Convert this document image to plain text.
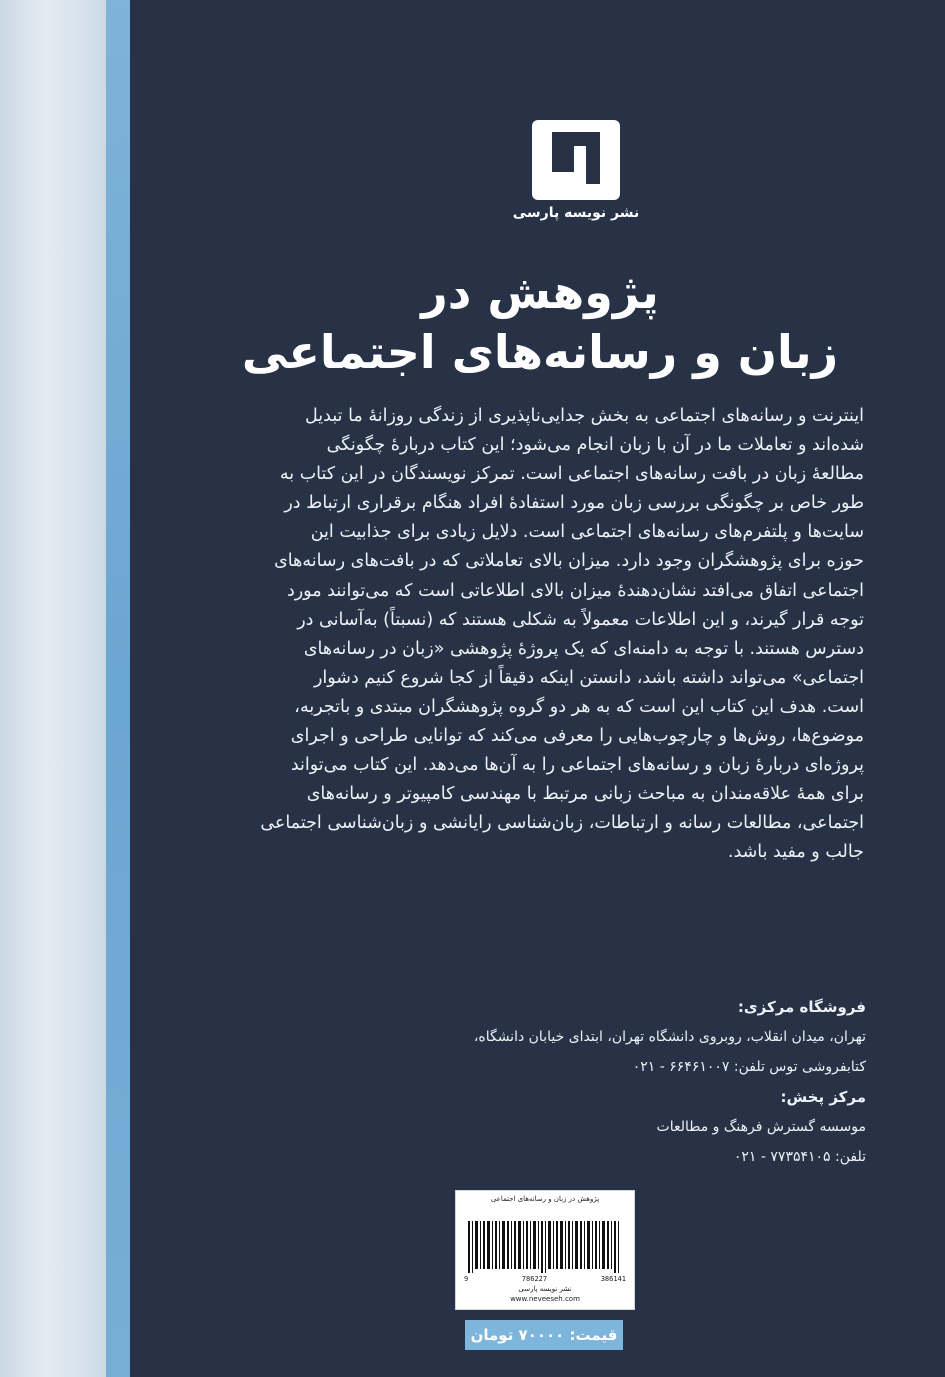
نشر نویسه پارسی
پژوهش در
زبان و رسانه‌های اجتماعی
اینترنت و رسانه‌های اجتماعی به بخش جدایی‌ناپذیری از زندگی روزانهٔ ما تبدیل
شده‌اند و تعاملات ما در آن با زبان انجام می‌شود؛ این کتاب دربارهٔ چگونگی
مطالعهٔ زبان در بافت رسانه‌های اجتماعی است. تمرکز نویسندگان در این کتاب به
طور خاص بر چگونگی بررسی زبان مورد استفادهٔ افراد هنگام برقراری ارتباط در
سایت‌ها و پلتفرم‌های رسانه‌های اجتماعی است. دلایل زیادی برای جذابیت این
حوزه برای پژوهشگران وجود دارد. میزان بالای تعاملاتی که در بافت‌های رسانه‌های
اجتماعی اتفاق می‌افتد نشان‌دهندهٔ میزان بالای اطلاعاتی است که می‌توانند مورد
توجه قرار گیرند، و این اطلاعات معمولاً به شکلی هستند که (نسبتاً) به‌آسانی در
دسترس هستند. با توجه به دامنه‌ای که یک پروژهٔ پژوهشی «زبان در رسانه‌های
اجتماعی» می‌تواند داشته باشد، دانستن اینکه دقیقاً از کجا شروع کنیم دشوار
است. هدف این کتاب این است که به هر دو گروه پژوهشگران مبتدی و باتجربه،
موضوع‌ها، روش‌ها و چارچوب‌هایی را معرفی می‌کند که توانایی طراحی و اجرای
پروژه‌ای دربارهٔ زبان و رسانه‌های اجتماعی را به آن‌ها می‌دهد. این کتاب می‌تواند
برای همهٔ علاقه‌مندان به مباحث زبانی مرتبط با مهندسی کامپیوتر و رسانه‌های
اجتماعی، مطالعات رسانه و ارتباطات، زبان‌شناسی رایانشی و زبان‌شناسی اجتماعی
جالب و مفید باشد.
فروشگاه مرکزی:
تهران، میدان انقلاب، روبروی دانشگاه تهران، ابتدای خیابان دانشگاه،
کتابفروشی توس تلفن: ۶۶۴۶۱۰۰۷ - ۰۲۱
مرکز پخش:
موسسه گسترش فرهنگ و مطالعات
تلفن: ۷۷۳۵۴۱۰۵ - ۰۲۱
پژوهش در زبان و رسانه‌های اجتماعی
9	786227	386141
نشر نویسه پارسی
www.neveeseh.com
قیمت: ۷۰۰۰۰ تومان
